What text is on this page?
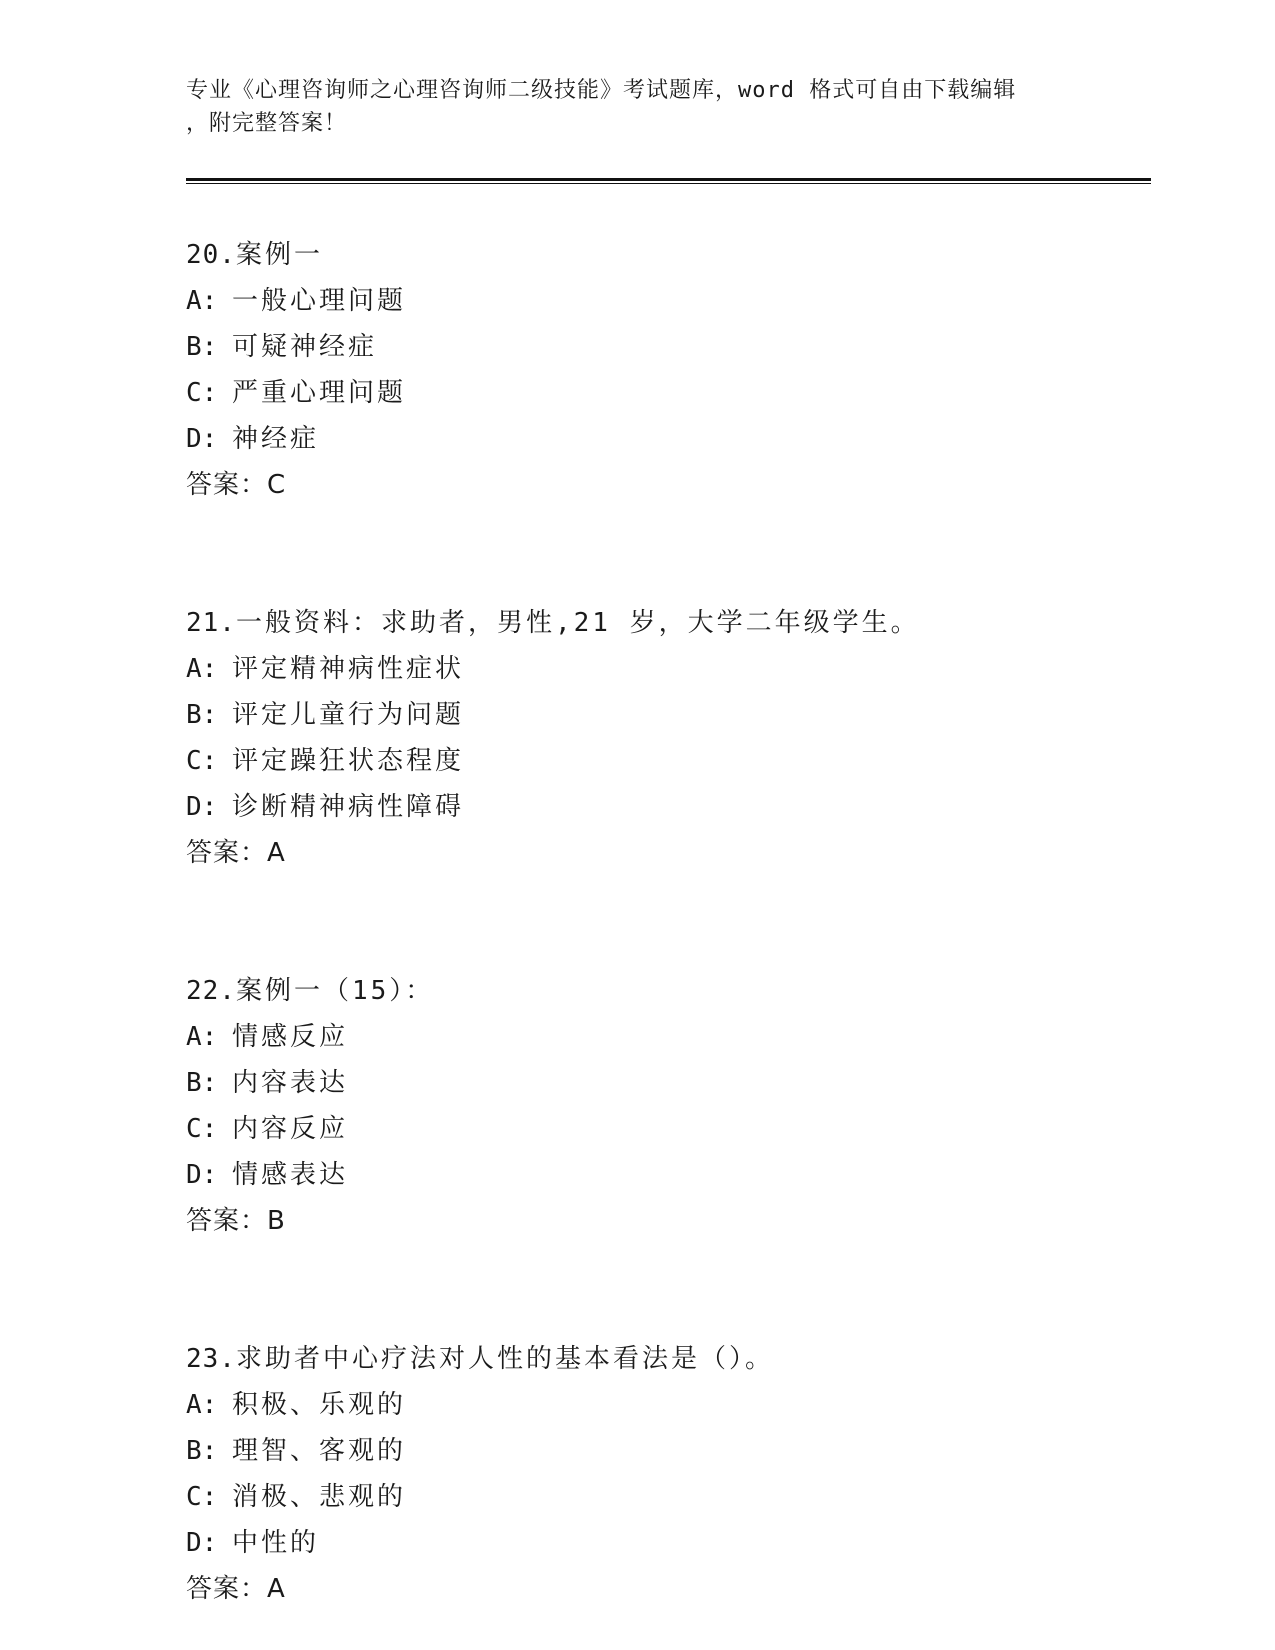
专业《心理咨询师之心理咨询师二级技能》考试题库，word 格式可自由下载编辑
，附完整答案！
20.案例一
A: 一般心理问题
B: 可疑神经症
C: 严重心理问题
D: 神经症
答案：C
21.一般资料：求助者，男性,21 岁，大学二年级学生。
A: 评定精神病性症状
B: 评定儿童行为问题
C: 评定躁狂状态程度
D: 诊断精神病性障碍
答案：A
22.案例一（15）：
A: 情感反应
B: 内容表达
C: 内容反应
D: 情感表达
答案：B
23.求助者中心疗法对人性的基本看法是（）。
A: 积极、乐观的
B: 理智、客观的
C: 消极、悲观的
D: 中性的
答案：A
